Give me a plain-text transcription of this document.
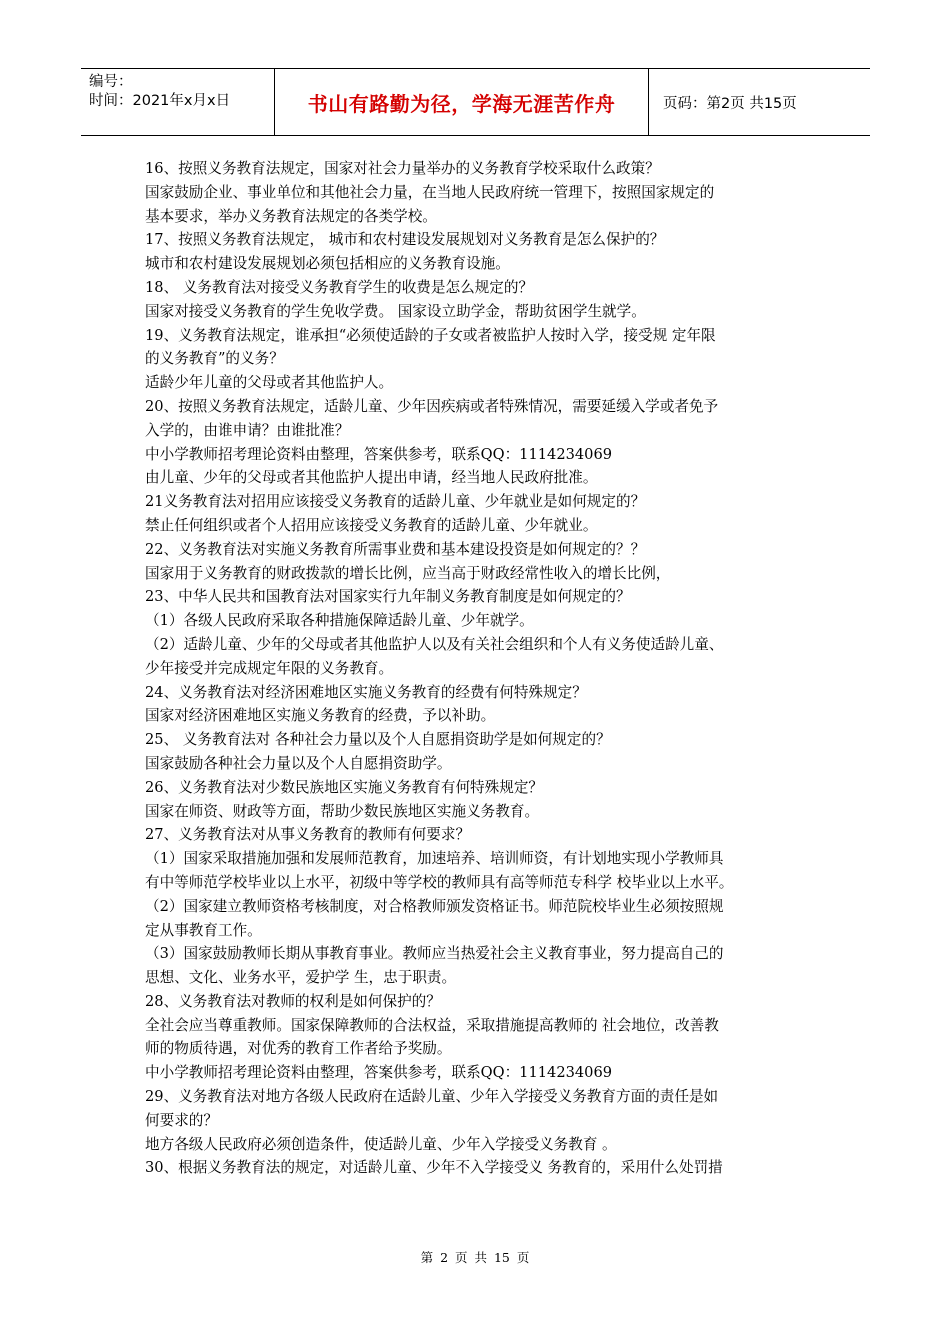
编号：
时间：2021年x月x日	书山有路勤为径，学海无涯苦作舟	页码：第2页 共15页

16、按照义务教育法规定，国家对社会力量举办的义务教育学校采取什么政策？

国家鼓励企业、事业单位和其他社会力量，在当地人民政府统一管理下，按照国家规定的

基本要求，举办义务教育法规定的各类学校。

17、按照义务教育法规定， 城市和农村建设发展规划对义务教育是怎么保护的？

城市和农村建设发展规划必须包括相应的义务教育设施。

18、 义务教育法对接受义务教育学生的收费是怎么规定的？

国家对接受义务教育的学生免收学费。 国家设立助学金，帮助贫困学生就学。

19、义务教育法规定，谁承担“必须使适龄的子女或者被监护人按时入学，接受规 定年限

的义务教育”的义务？

适龄少年儿童的父母或者其他监护人。

20、按照义务教育法规定，适龄儿童、少年因疾病或者特殊情况，需要延缓入学或者免予

入学的，由谁申请？由谁批准？

中小学教师招考理论资料由整理，答案供参考，联系QQ：1114234069

由儿童、少年的父母或者其他监护人提出申请，经当地人民政府批准。

21义务教育法对招用应该接受义务教育的适龄儿童、少年就业是如何规定的？

禁止任何组织或者个人招用应该接受义务教育的适龄儿童、少年就业。

22、义务教育法对实施义务教育所需事业费和基本建设投资是如何规定的？？

国家用于义务教育的财政拨款的增长比例，应当高于财政经常性收入的增长比例，

23、中华人民共和国教育法对国家实行九年制义务教育制度是如何规定的？

（1）各级人民政府采取各种措施保障适龄儿童、少年就学。

（2）适龄儿童、少年的父母或者其他监护人以及有关社会组织和个人有义务使适龄儿童、

少年接受并完成规定年限的义务教育。

24、义务教育法对经济困难地区实施义务教育的经费有何特殊规定？

国家对经济困难地区实施义务教育的经费，予以补助。

25、 义务教育法对 各种社会力量以及个人自愿捐资助学是如何规定的？

国家鼓励各种社会力量以及个人自愿捐资助学。

26、义务教育法对少数民族地区实施义务教育有何特殊规定？

国家在师资、财政等方面，帮助少数民族地区实施义务教育。

27、义务教育法对从事义务教育的教师有何要求？

（1）国家采取措施加强和发展师范教育，加速培养、培训师资，有计划地实现小学教师具

有中等师范学校毕业以上水平，初级中等学校的教师具有高等师范专科学 校毕业以上水平。

（2）国家建立教师资格考核制度，对合格教师颁发资格证书。师范院校毕业生必须按照规

定从事教育工作。

（3）国家鼓励教师长期从事教育事业。教师应当热爱社会主义教育事业，努力提高自己的

思想、文化、业务水平，爱护学 生，忠于职责。

28、义务教育法对教师的权利是如何保护的？

全社会应当尊重教师。国家保障教师的合法权益，采取措施提高教师的 社会地位，改善教

师的物质待遇，对优秀的教育工作者给予奖励。

中小学教师招考理论资料由整理，答案供参考，联系QQ：1114234069

29、义务教育法对地方各级人民政府在适龄儿童、少年入学接受义务教育方面的责任是如

何要求的？

地方各级人民政府必须创造条件，使适龄儿童、少年入学接受义务教育 。

30、根据义务教育法的规定，对适龄儿童、少年不入学接受义 务教育的，采用什么处罚措

第 2 页 共 15 页
